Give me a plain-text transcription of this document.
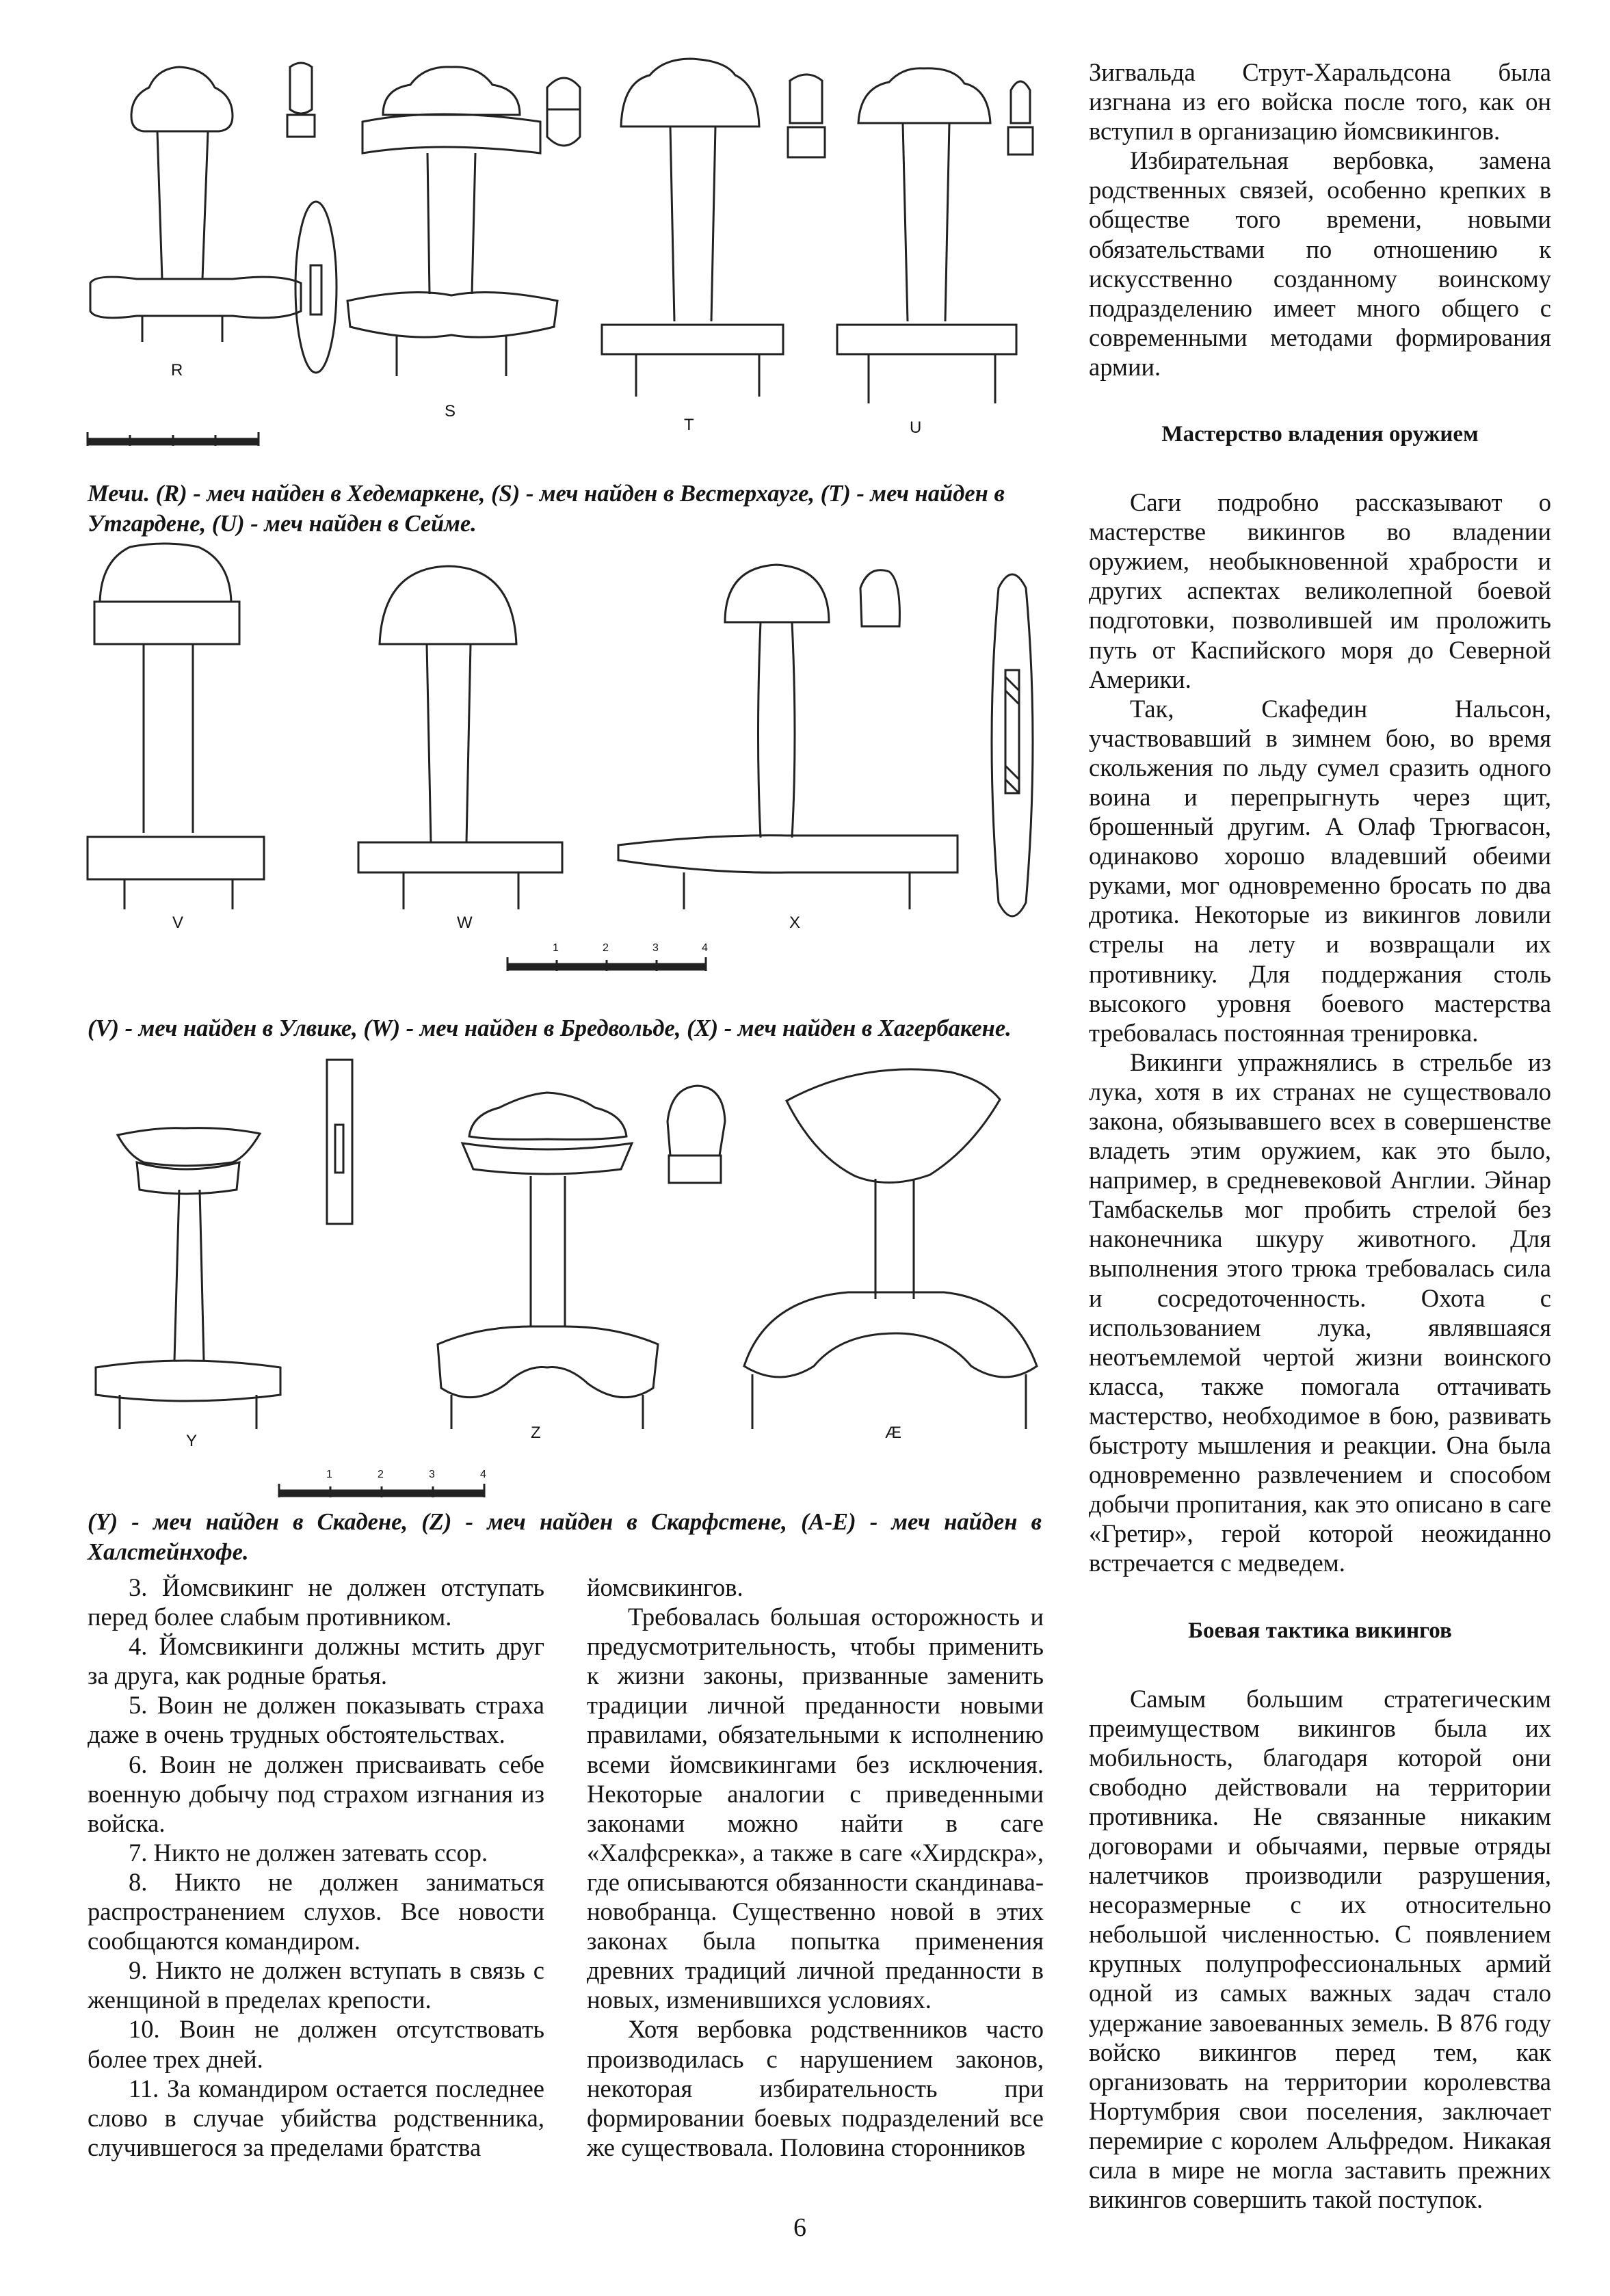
R
S
T	U
Мечи. (R) - меч найден в Хедемаркене, (S) - меч найден в Вестерхауге, (T) - меч найден в Утгардене, (U) - меч найден в Сейме.
V	W	X
1	2	3	4
(V) - меч найден в Улвике, (W) - меч найден в Бредвольде, (X) - меч найден в Хагербакене.
Y	Z	Æ
1	2	3	4
(Y) - меч найден в Скадене, (Z) - меч найден в Скарфстене, (A-E) - меч найден в Халстейнхофе.

3. Йомсвикинг не должен отступать перед более слабым противником.

4. Йомсвикинги должны мстить друг за друга, как родные братья.

5. Воин не должен показывать страха даже в очень трудных обстоятельствах.

6. Воин не должен присваивать себе военную добычу под страхом изгнания из войска.

7. Никто не должен затевать ссор.

8. Никто не должен заниматься распространением слухов. Все новости сообщаются командиром.

9. Никто не должен вступать в связь с женщиной в пределах крепости.

10. Воин не должен отсутствовать более трех дней.

11. За командиром остается последнее слово в случае убийства родственника, случившегося за пределами братства

йомсвикингов.

Требовалась большая осторожность и предусмотрительность, чтобы применить к жизни законы, призванные заменить традиции личной преданности новыми правилами, обязательными к исполнению всеми йомсвикингами без исключения. Некоторые аналогии с приведенными законами можно найти в саге «Халфсрекка», а также в саге «Хирдскра», где описываются обязанности скандинава-новобранца. Существенно новой в этих законах была попытка применения древних традиций личной преданности в новых, изменившихся условиях.

Хотя вербовка родственников часто производилась с нарушением законов, некоторая избирательность при формировании боевых подразделений все же существовала. Половина сторонников

Зигвальда Струт-Харальдсона была изгнана из его войска после того, как он вступил в организацию йомсвикингов.

Избирательная вербовка, замена родственных связей, особенно крепких в обществе того времени, новыми обязательствами по отношению к искусственно созданному воинскому подразделению имеет много общего с современными методами формирования армии.

Мастерство владения оружием

Саги подробно рассказывают о мастерстве викингов во владении оружием, необыкновенной храбрости и других аспектах великолепной боевой подготовки, позволившей им проложить путь от Каспийского моря до Северной Америки.

Так, Скафедин Нальсон, участвовавший в зимнем бою, во время скольжения по льду сумел сразить одного воина и перепрыгнуть через щит, брошенный другим. А Олаф Трюгвасон, одинаково хорошо владевший обеими руками, мог одновременно бросать по два дротика. Некоторые из викингов ловили стрелы на лету и возвращали их противнику. Для поддержания столь высокого уровня боевого мастерства требовалась постоянная тренировка.

Викинги упражнялись в стрельбе из лука, хотя в их странах не существовало закона, обязывавшего всех в совершенстве владеть этим оружием, как это было, например, в средневековой Англии. Эйнар Тамбаскельв мог пробить стрелой без наконечника шкуру животного. Для выполнения этого трюка требовалась сила и сосредоточенность. Охота с использованием лука, являвшаяся неотъемлемой чертой жизни воинского класса, также помогала оттачивать мастерство, необходимое в бою, развивать быстроту мышления и реакции. Она была одновременно развлечением и способом добычи пропитания, как это описано в саге «Гретир», герой которой неожиданно встречается с медведем.

Боевая тактика викингов

Самым большим стратегическим преимуществом викингов была их мобильность, благодаря которой они свободно действовали на территории противника. Не связанные никаким договорами и обычаями, первые отряды налетчиков производили разрушения, несоразмерные с их относительно небольшой численностью. С появлением крупных полупрофессиональных армий одной из самых важных задач стало удержание завоеванных земель. В 876 году войско викингов перед тем, как организовать на территории королевства Нортумбрия свои поселения, заключает перемирие с королем Альфредом. Никакая сила в мире не могла заставить прежних викингов совершить такой поступок.

6
